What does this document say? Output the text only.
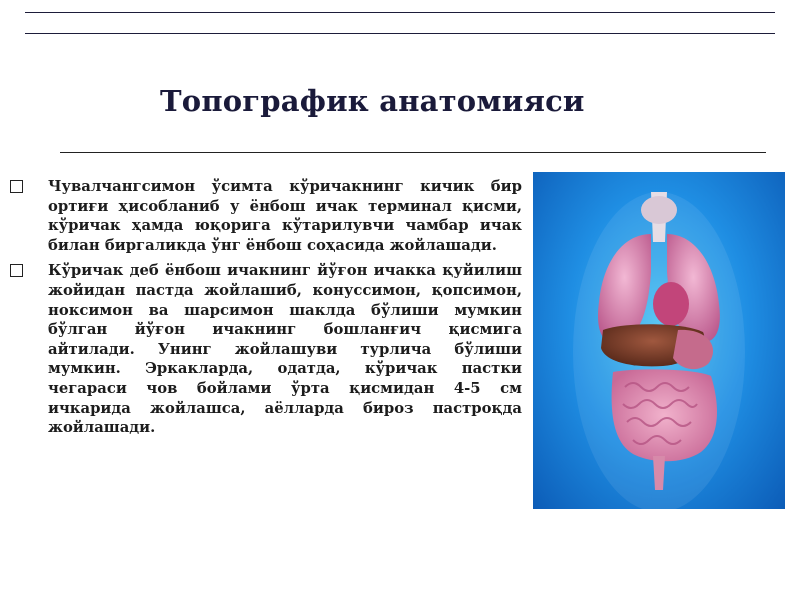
Топографик анатомияси

Чувалчангсимон ўсимта кўричакнинг кичик бир ортиғи ҳисобланиб у ёнбош ичак терминал қисми, кўричак ҳамда юқорига кўтарилувчи чамбар ичак билан биргаликда ўнг ёнбош соҳасида жойлашади.

Кўричак деб ёнбош ичакнинг йўғон ичакка қуйилиш жойидан пастда жойлашиб, конуссимон, қопсимон, ноксимон ва шарсимон шаклда бўлиши мумкин бўлган йўғон ичакнинг бошланғич қисмига айтилади. Унинг жойлашуви турлича бўлиши мумкин. Эркакларда, одатда, кўричак пастки чегараси чов бойлами ўрта қисмидан 4-5 см ичкарида жойлашса, аёлларда бироз пастроқда жойлашади.
